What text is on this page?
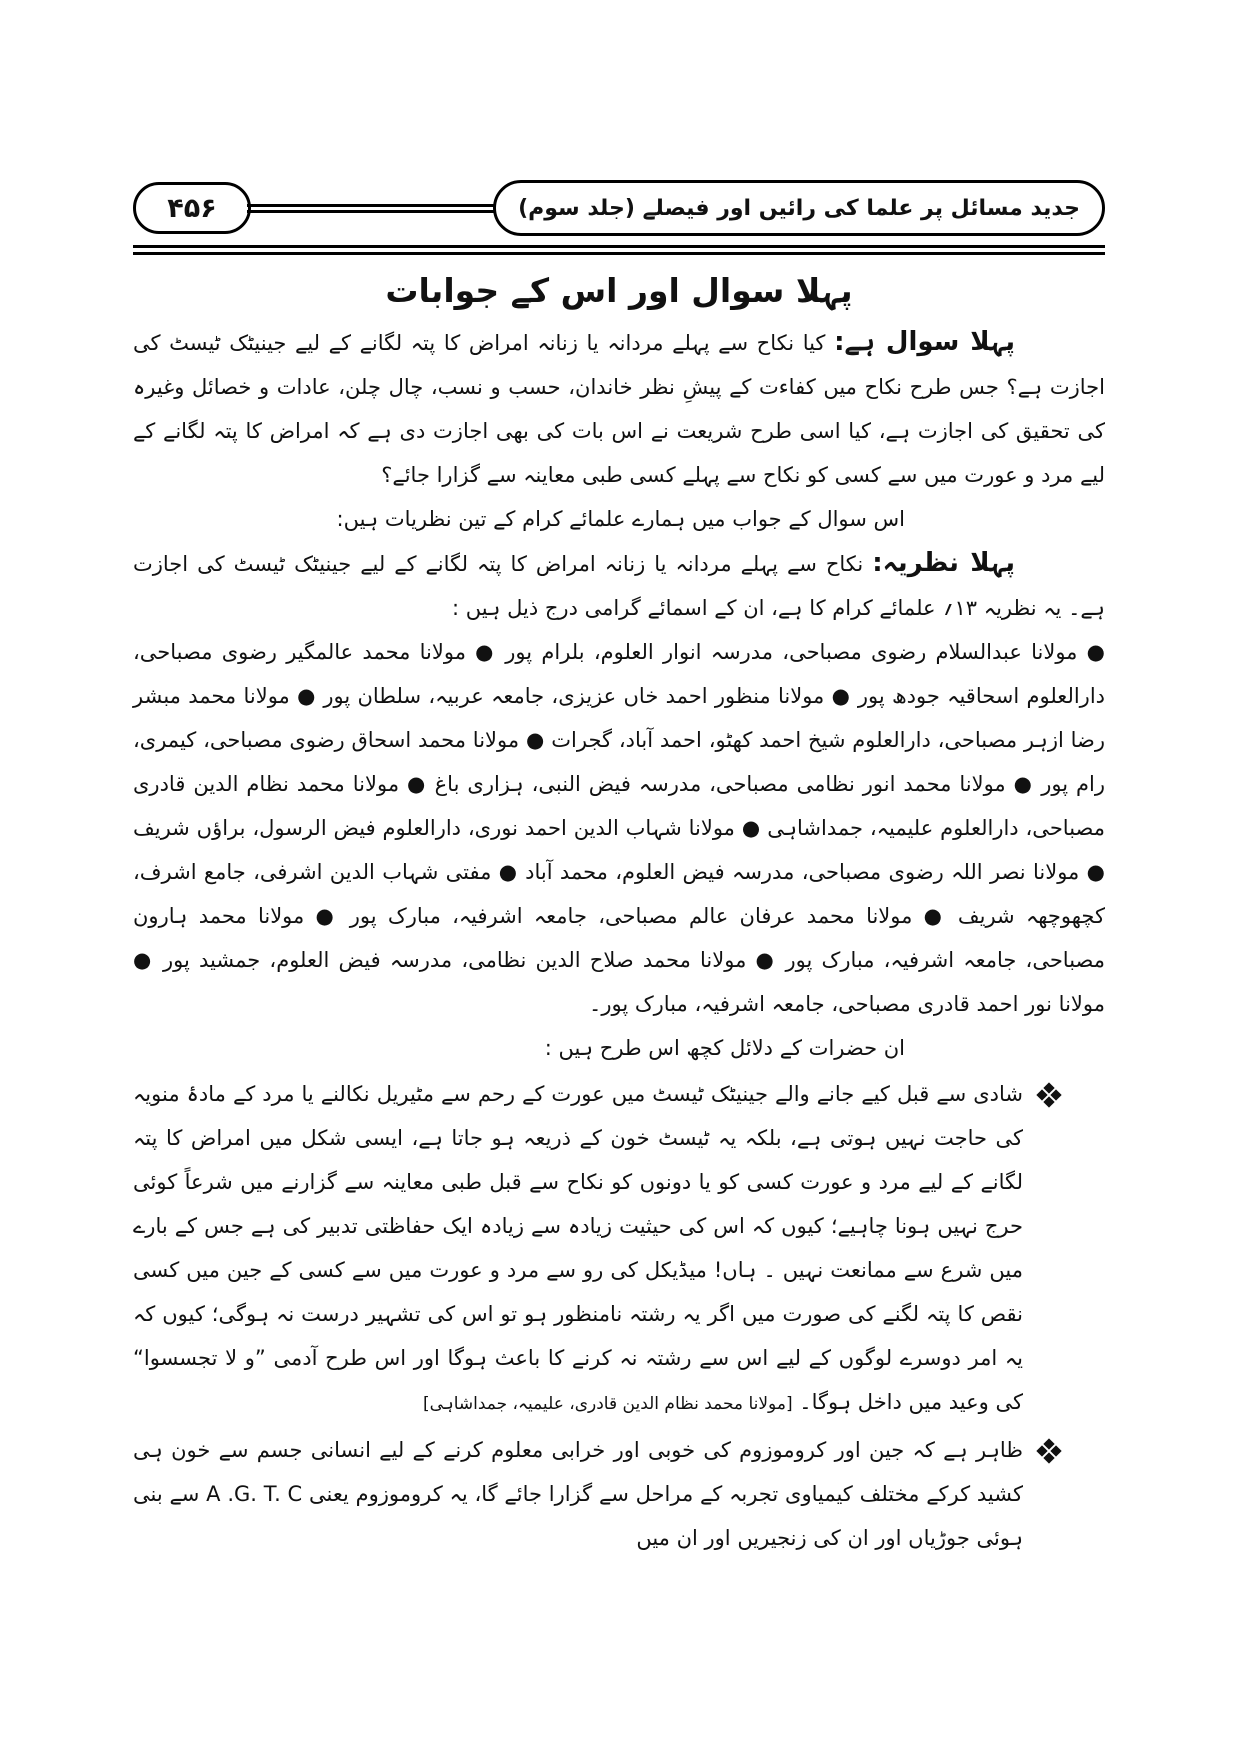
۴۵۶	جدید مسائل پر علما کی رائیں اور فیصلے (جلد سوم)
پہلا سوال اور اس کے جوابات

پہلا سوال ہے: کیا نکاح سے پہلے مردانہ یا زنانہ امراض کا پتہ لگانے کے لیے جینیٹک ٹیسٹ کی اجازت ہے؟ جس طرح نکاح میں کفاءت کے پیشِ نظر خاندان، حسب و نسب، چال چلن، عادات و خصائل وغیرہ کی تحقیق کی اجازت ہے، کیا اسی طرح شریعت نے اس بات کی بھی اجازت دی ہے کہ امراض کا پتہ لگانے کے لیے مرد و عورت میں سے کسی کو نکاح سے پہلے کسی طبی معاینہ سے گزارا جائے؟

اس سوال کے جواب میں ہمارے علمائے کرام کے تین نظریات ہیں:

پہلا نظریہ: نکاح سے پہلے مردانہ یا زنانہ امراض کا پتہ لگانے کے لیے جینیٹک ٹیسٹ کی اجازت ہے۔ یہ نظریہ ۱۳؍ علمائے کرام کا ہے، ان کے اسمائے گرامی درج ذیل ہیں :

● مولانا عبدالسلام رضوی مصباحی، مدرسہ انوار العلوم، بلرام پور ● مولانا محمد عالمگیر رضوی مصباحی، دارالعلوم اسحاقیہ جودھ پور ● مولانا منظور احمد خاں عزیزی، جامعہ عربیہ، سلطان پور ● مولانا محمد مبشر رضا ازہر مصباحی، دارالعلوم شیخ احمد کھٹو، احمد آباد، گجرات ● مولانا محمد اسحاق رضوی مصباحی، کیمری، رام پور ● مولانا محمد انور نظامی مصباحی، مدرسہ فیض النبی، ہزاری باغ ● مولانا محمد نظام الدین قادری مصباحی، دارالعلوم علیمیہ، جمداشاہی ● مولانا شہاب الدین احمد نوری، دارالعلوم فیض الرسول، براؤں شریف ● مولانا نصر اللہ رضوی مصباحی، مدرسہ فیض العلوم، محمد آباد ● مفتی شہاب الدین اشرفی، جامع اشرف، کچھوچھہ شریف ● مولانا محمد عرفان عالم مصباحی، جامعہ اشرفیہ، مبارک پور ● مولانا محمد ہارون مصباحی، جامعہ اشرفیہ، مبارک پور ● مولانا محمد صلاح الدین نظامی، مدرسہ فیض العلوم، جمشید پور ● مولانا نور احمد قادری مصباحی، جامعہ اشرفیہ، مبارک پور۔

ان حضرات کے دلائل کچھ اس طرح ہیں :

شادی سے قبل کیے جانے والے جینیٹک ٹیسٹ میں عورت کے رحم سے مٹیریل نکالنے یا مرد کے مادۂ منویہ کی حاجت نہیں ہوتی ہے، بلکہ یہ ٹیسٹ خون کے ذریعہ ہو جاتا ہے، ایسی شکل میں امراض کا پتہ لگانے کے لیے مرد و عورت کسی کو یا دونوں کو نکاح سے قبل طبی معاینہ سے گزارنے میں شرعاً کوئی حرج نہیں ہونا چاہیے؛ کیوں کہ اس کی حیثیت زیادہ سے زیادہ ایک حفاظتی تدبیر کی ہے جس کے بارے میں شرع سے ممانعت نہیں ۔ ہاں! میڈیکل کی رو سے مرد و عورت میں سے کسی کے جین میں کسی نقص کا پتہ لگنے کی صورت میں اگر یہ رشتہ نامنظور ہو تو اس کی تشہیر درست نہ ہوگی؛ کیوں کہ یہ امر دوسرے لوگوں کے لیے اس سے رشتہ نہ کرنے کا باعث ہوگا اور اس طرح آدمی ”و لا تجسسوا“ کی وعید میں داخل ہوگا۔ [مولانا محمد نظام الدین قادری، علیمیہ، جمداشاہی]
ظاہر ہے کہ جین اور کروموزوم کی خوبی اور خرابی معلوم کرنے کے لیے انسانی جسم سے خون ہی کشید کرکے مختلف کیمیاوی تجربہ کے مراحل سے گزارا جائے گا، یہ کروموزوم یعنی A .G. T. C سے بنی ہوئی جوڑیاں اور ان کی زنجیریں اور ان میں
